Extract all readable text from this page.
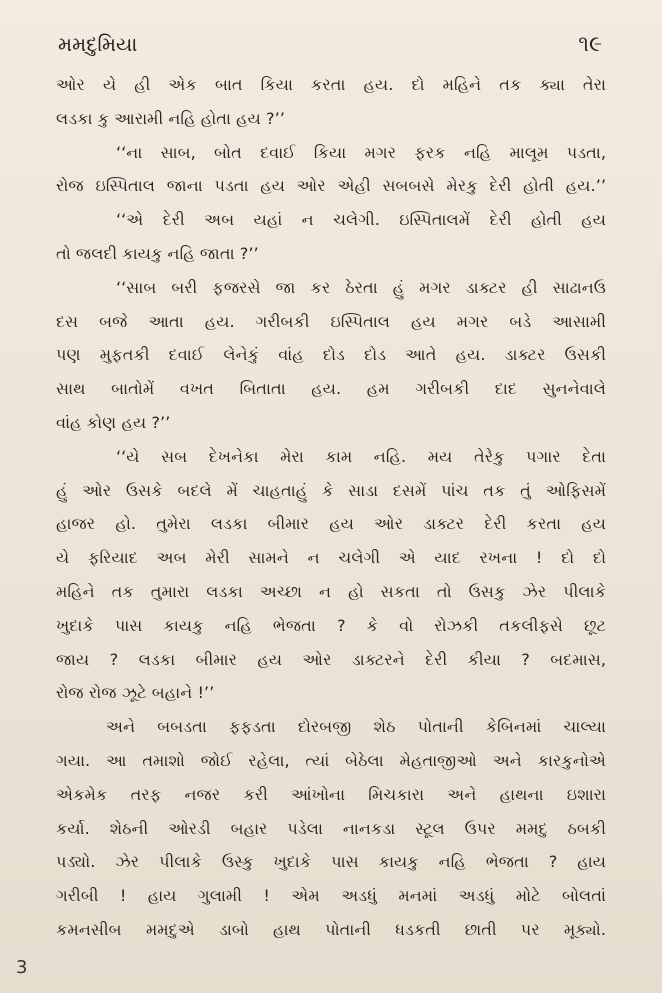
મમદુમિયા	૧૯
ઓર યે હી એક બાત કિયા કરતા હય. દો મહિને તક ક્યા તેરા
લડકા કુ આરામી નહિ હોતા હય ?’’
‘‘ના સાબ, બોત દવાઈ કિયા મગર ફરક નહિ માલૂમ પડતા,
રોજ ઇસ્પિતાલ જાના પડતા હય ઓર એહી સબબસે મેરકુ દેરી હોતી હય.’’
‘‘એ દેરી અબ યહાં ન ચલેગી. ઇસ્પિતાલમેં દેરી હોતી હય
તો જલદી કાયકુ નહિ જાતા ?’’
‘‘સાબ બરી ફજરસે જા કર ઠેરતા હું મગર ડાક્ટર હી સાઢાનઉ
દસ બજે આતા હય. ગરીબકી ઇસ્પિતાલ હય મગર બડે આસામી
પણ મુફતકી દવાઈ લેનેકું વાંહ દોડ દોડ આતે હય. ડાક્ટર ઉસકી
સાથ બાતોમેં વખત બિતાતા હય. હમ ગરીબકી દાદ સુનનેવાલે
વાંહ કોણ હય ?’’
‘‘યે સબ દેખનેકા મેરા કામ નહિ. મય તેરેકુ પગાર દેતા
હું ઓર ઉસકે બદલે મેં ચાહતાહું કે સાડા દસમેં પાંચ તક તું ઓફિસમેં
હાજર હો. તુમેરા લડકા બીમાર હય ઓર ડાક્ટર દેરી કરતા હય
યે ફરિયાદ અબ મેરી સામને ન ચલેગી એ યાદ રખના ! દો દો
મહિને તક તુમારા લડકા અચ્છા ન હો સકતા તો ઉસકુ ઝેર પીલાકે
ખુદાકે પાસ કાયકુ નહિ ભેજતા ? કે વો રોઝકી તકલીફસે છૂટ
જાય ? લડકા બીમાર હય ઓર ડાક્ટરને દેરી કીયા ? બદમાસ,
રોજ રોજ ઝૂટે બહાને !’’
અને બબડતા ફફડતા દોરબજી શેઠ પોતાની કેબિનમાં ચાલ્યા
ગયા. આ તમાશો જોઈ રહેલા, ત્યાં બેઠેલા મેહતાજીઓ અને કારકુનોએ
એકમેક તરફ નજર કરી આંખોના મિચકારા અને હાથના ઇશારા
કર્યા. શેઠની ઓરડી બહાર પડેલા નાનકડા સ્ટૂલ ઉપર મમદુ ઠબકી
પડ્યો. ઝેર પીલાકે ઉસ્કુ ખુદાકે પાસ કાયકુ નહિ ભેજતા ? હાય
ગરીબી ! હાય ગુલામી ! એમ અડધું મનમાં અડધું મોટે બોલતાં
કમનસીબ મમદુએ ડાબો હાથ પોતાની ધડકતી છાતી પર મૂક્યો.
3
